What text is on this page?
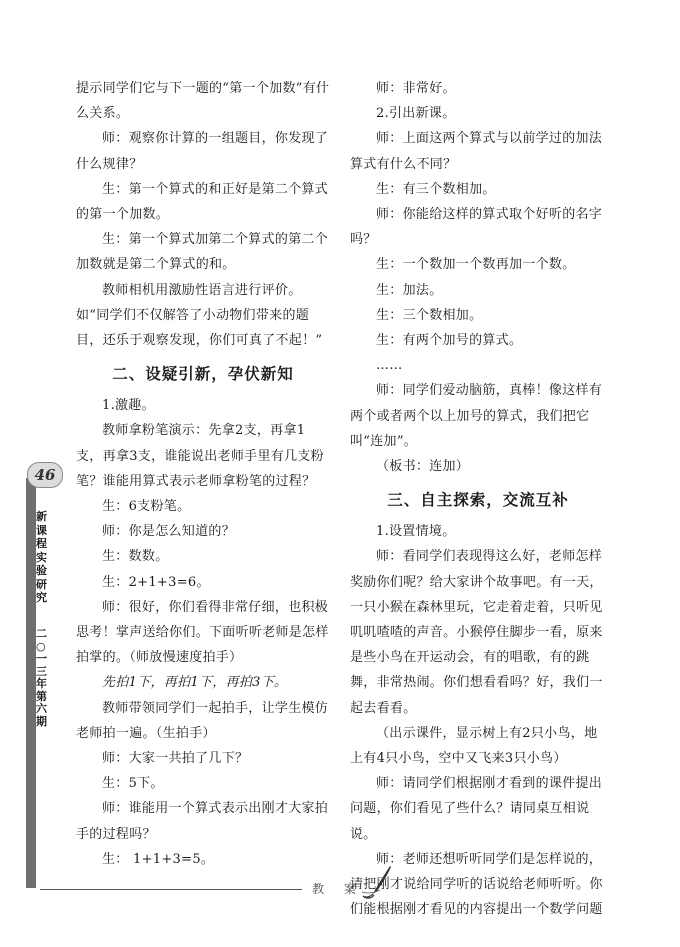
46
新课程实验研究
二○一三年 第六期

提示同学们它与下一题的“第一个加数”有什么关系。

师：观察你计算的一组题目，你发现了什么规律？

生：第一个算式的和正好是第二个算式的第一个加数。

生：第一个算式加第二个算式的第二个加数就是第二个算式的和。

教师相机用激励性语言进行评价。如“同学们不仅解答了小动物们带来的题目，还乐于观察发现，你们可真了不起！”

二、设疑引新，孕伏新知

1.激趣。

教师拿粉笔演示：先拿2支，再拿1支，再拿3支，谁能说出老师手里有几支粉笔？谁能用算式表示老师拿粉笔的过程？

生：6支粉笔。

师：你是怎么知道的？

生：数数。

生：2+1+3=6。

师：很好，你们看得非常仔细，也积极思考！掌声送给你们。下面听听老师是怎样拍掌的。（师放慢速度拍手）

先拍1下，再拍1下，再拍3下。

教师带领同学们一起拍手，让学生模仿老师拍一遍。（生拍手）

师：大家一共拍了几下？

生：5下。

师：谁能用一个算式表示出刚才大家拍手的过程吗？

生： 1+1+3=5。

师：非常好。

2.引出新课。

师：上面这两个算式与以前学过的加法算式有什么不同？

生：有三个数相加。

师：你能给这样的算式取个好听的名字吗？

生：一个数加一个数再加一个数。

生：加法。

生：三个数相加。

生：有两个加号的算式。

……

师：同学们爱动脑筋，真棒！像这样有两个或者两个以上加号的算式，我们把它叫“连加”。

（板书：连加）

三、自主探索，交流互补

1.设置情境。

师：看同学们表现得这么好，老师怎样奖励你们呢？给大家讲个故事吧。有一天，一只小猴在森林里玩，它走着走着，只听见叽叽喳喳的声音。小猴停住脚步一看，原来是些小鸟在开运动会，有的唱歌，有的跳舞，非常热闹。你们想看看吗？好，我们一起去看看。

（出示课件，显示树上有2只小鸟，地上有4只小鸟，空中又飞来3只小鸟）

师：请同学们根据刚才看到的课件提出问题，你们看见了些什么？请同桌互相说说。

师：老师还想听听同学们是怎样说的，请把刚才说给同学听的话说给老师听听。你们能根据刚才看见的内容提出一个数学问题

教 案
